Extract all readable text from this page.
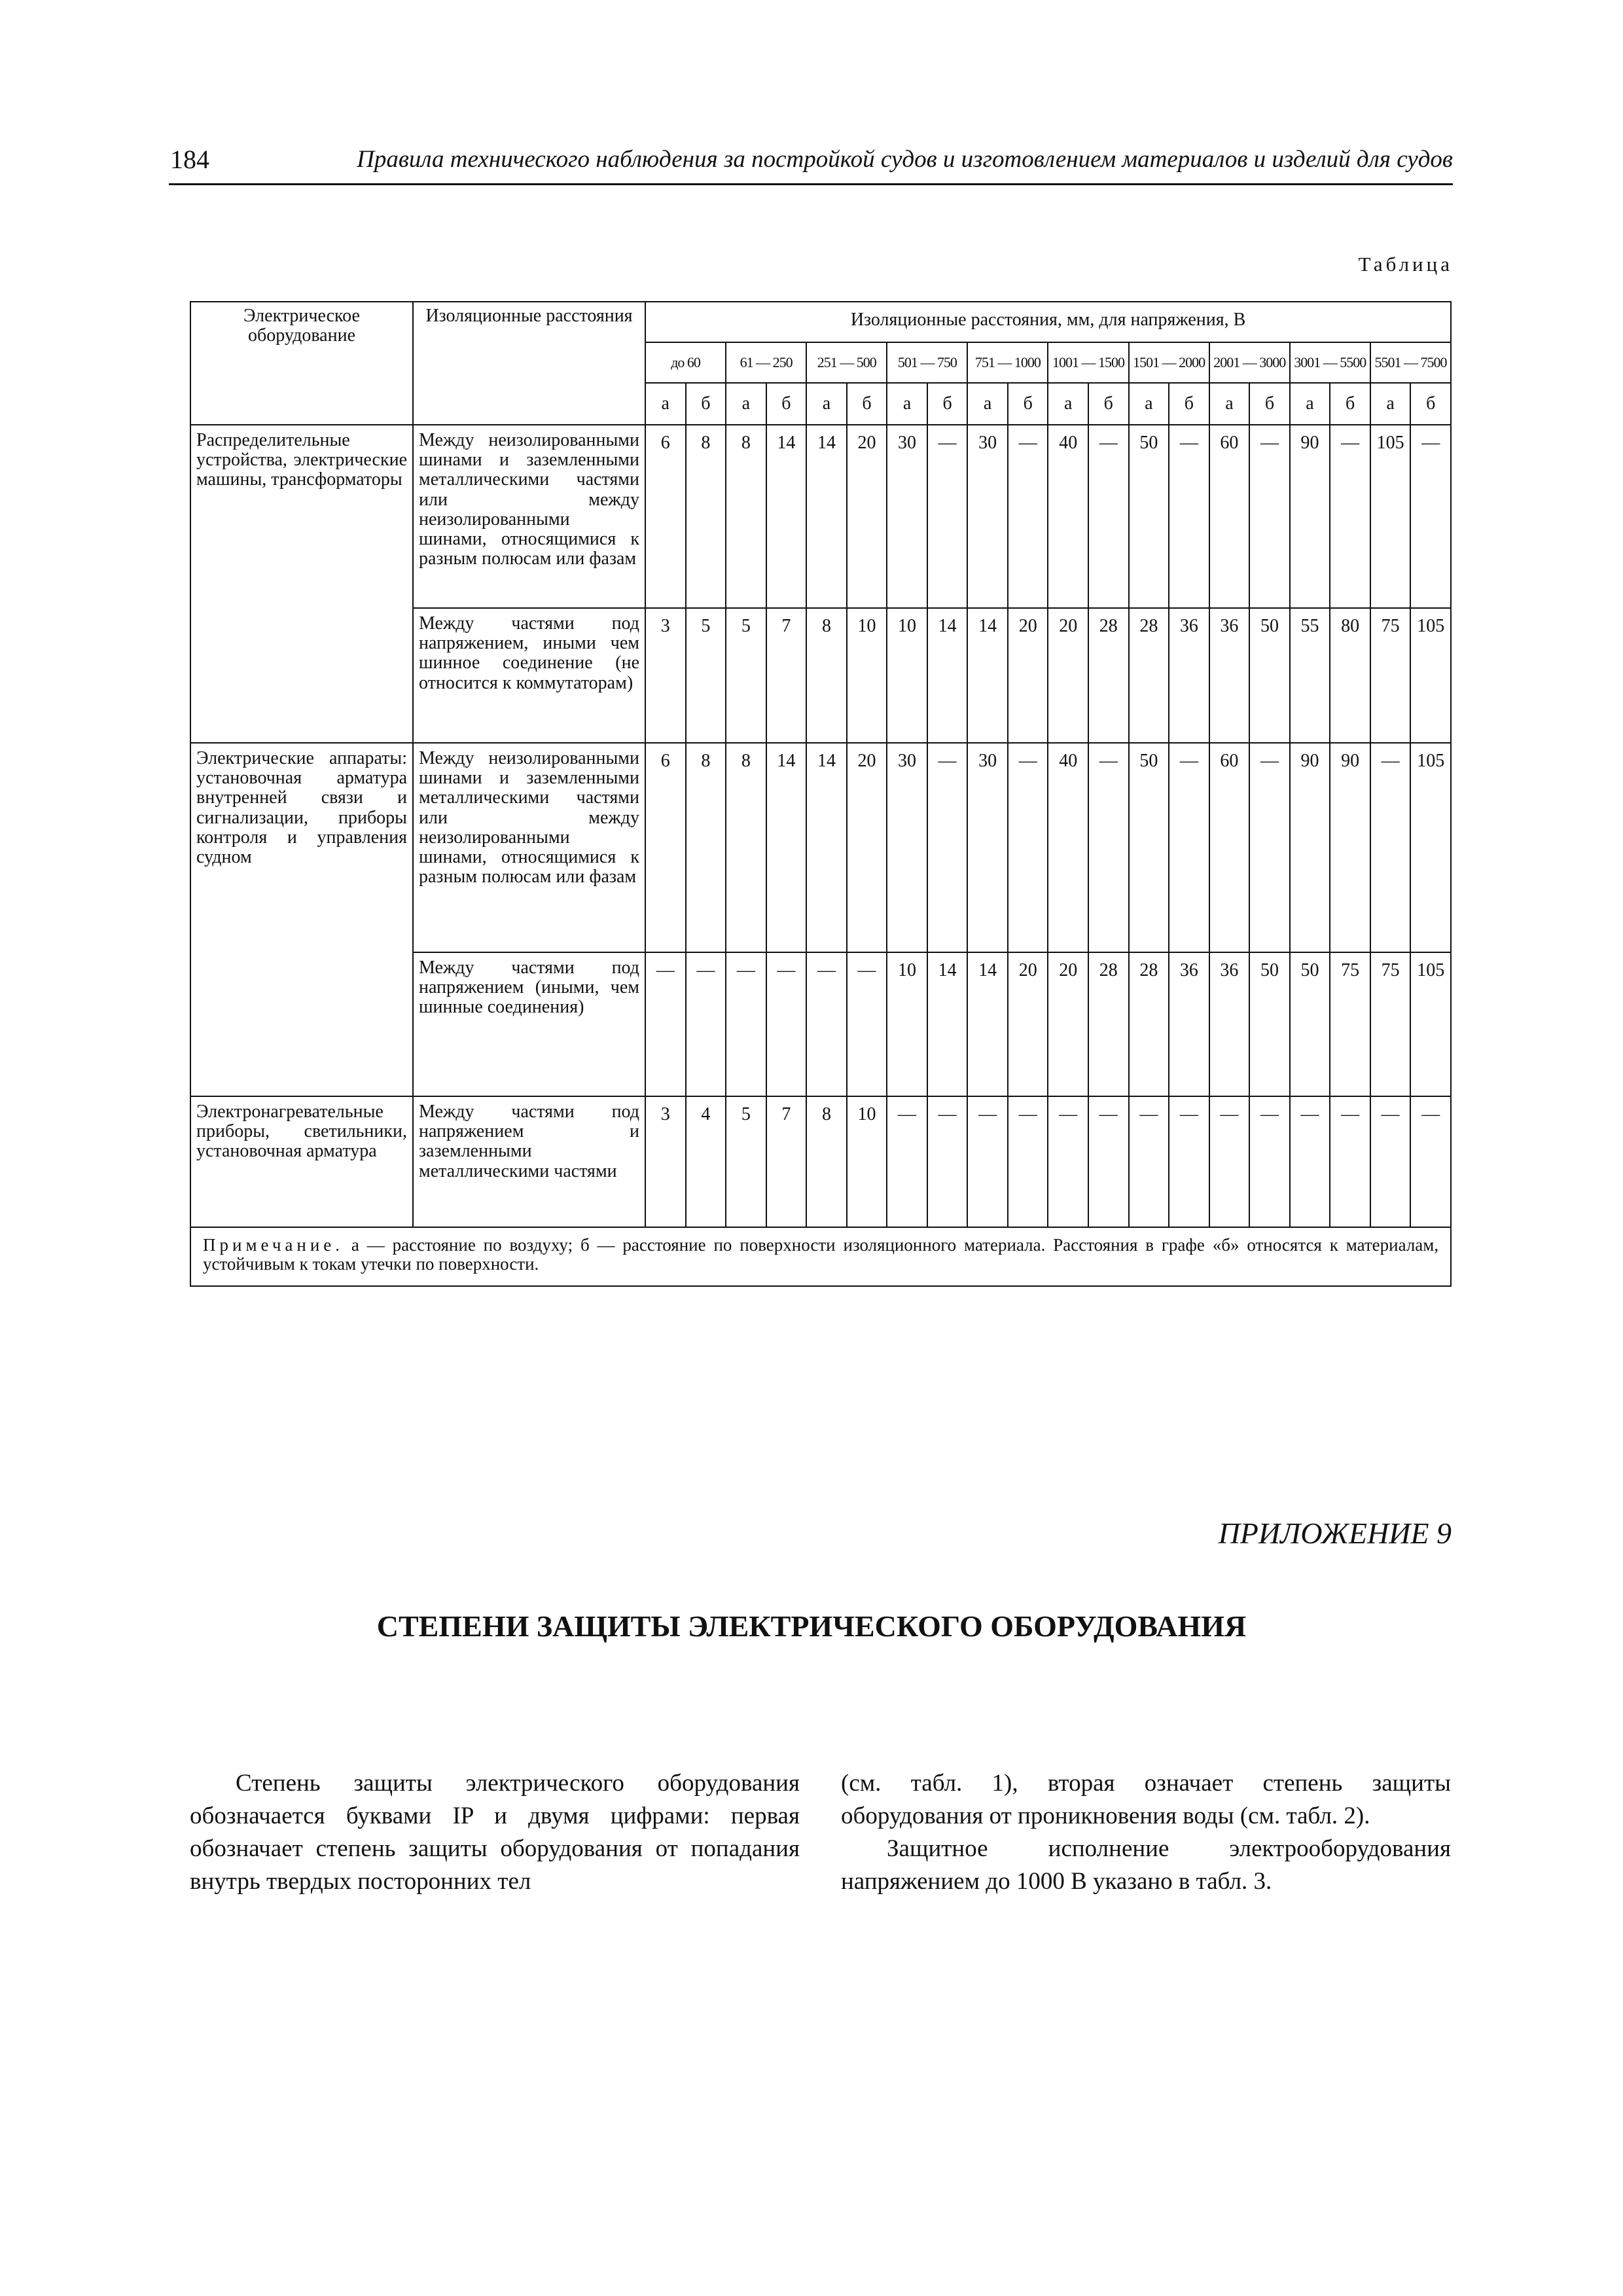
184	Правила технического наблюдения за постройкой судов и изготовлением материалов и изделий для судов
Таблица
Электрическое оборудование	Изоляционные расстояния	Изоляционные расстояния, мм, для напряжения, В																			
		до 60		61 — 250		251 — 500		501 — 750		751 — 1000		1001 — 1500		1501 — 2000		2001 — 3000		3001 — 5500		5501 — 7500	
		а	б	а	б	а	б	а	б	а	б	а	б	а	б	а	б	а	б	а	б
Распределительные устройства, электрические машины, трансформаторы	Между неизолированными шинами и заземленными металлическими частями или между неизолированными шинами, относящимися к разным полюсам или фазам	6	8	8	14	14	20	30	—	30	—	40	—	50	—	60	—	90	—	105	—
	Между частями под напряжением, иными чем шинное соединение (не относится к коммутаторам)	3	5	5	7	8	10	10	14	14	20	20	28	28	36	36	50	55	80	75	105
Электрические аппараты: установочная арматура внутренней связи и сигнализации, приборы контроля и управления судном	Между неизолированными шинами и заземленными металлическими частями или между неизолированными шинами, относящимися к разным полюсам или фазам	6	8	8	14	14	20	30	—	30	—	40	—	50	—	60	—	90	90	—	105
	Между частями под напряжением (иными, чем шинные соединения)	—	—	—	—	—	—	10	14	14	20	20	28	28	36	36	50	50	75	75	105
Электронагревательные приборы, светильники, установочная арматура	Между частями под напряжением и заземленными металлическими частями	3	4	5	7	8	10	—	—	—	—	—	—	—	—	—	—	—	—	—	—
Примечание. а — расстояние по воздуху; б — расстояние по поверхности изоляционного материала. Расстояния в графе «б» относятся к материалам, устойчивым к токам утечки по поверхности.																					
ПРИЛОЖЕНИЕ 9
СТЕПЕНИ ЗАЩИТЫ ЭЛЕКТРИЧЕСКОГО ОБОРУДОВАНИЯ

Степень защиты электрического оборудования обозначается буквами IP и двумя цифрами: первая обозначает степень защиты оборудования от попадания внутрь твердых посторонних тел

(см. табл. 1), вторая означает степень защиты оборудования от проникновения воды (см. табл. 2).

Защитное исполнение электрооборудования напряжением до 1000 В указано в табл. 3.
